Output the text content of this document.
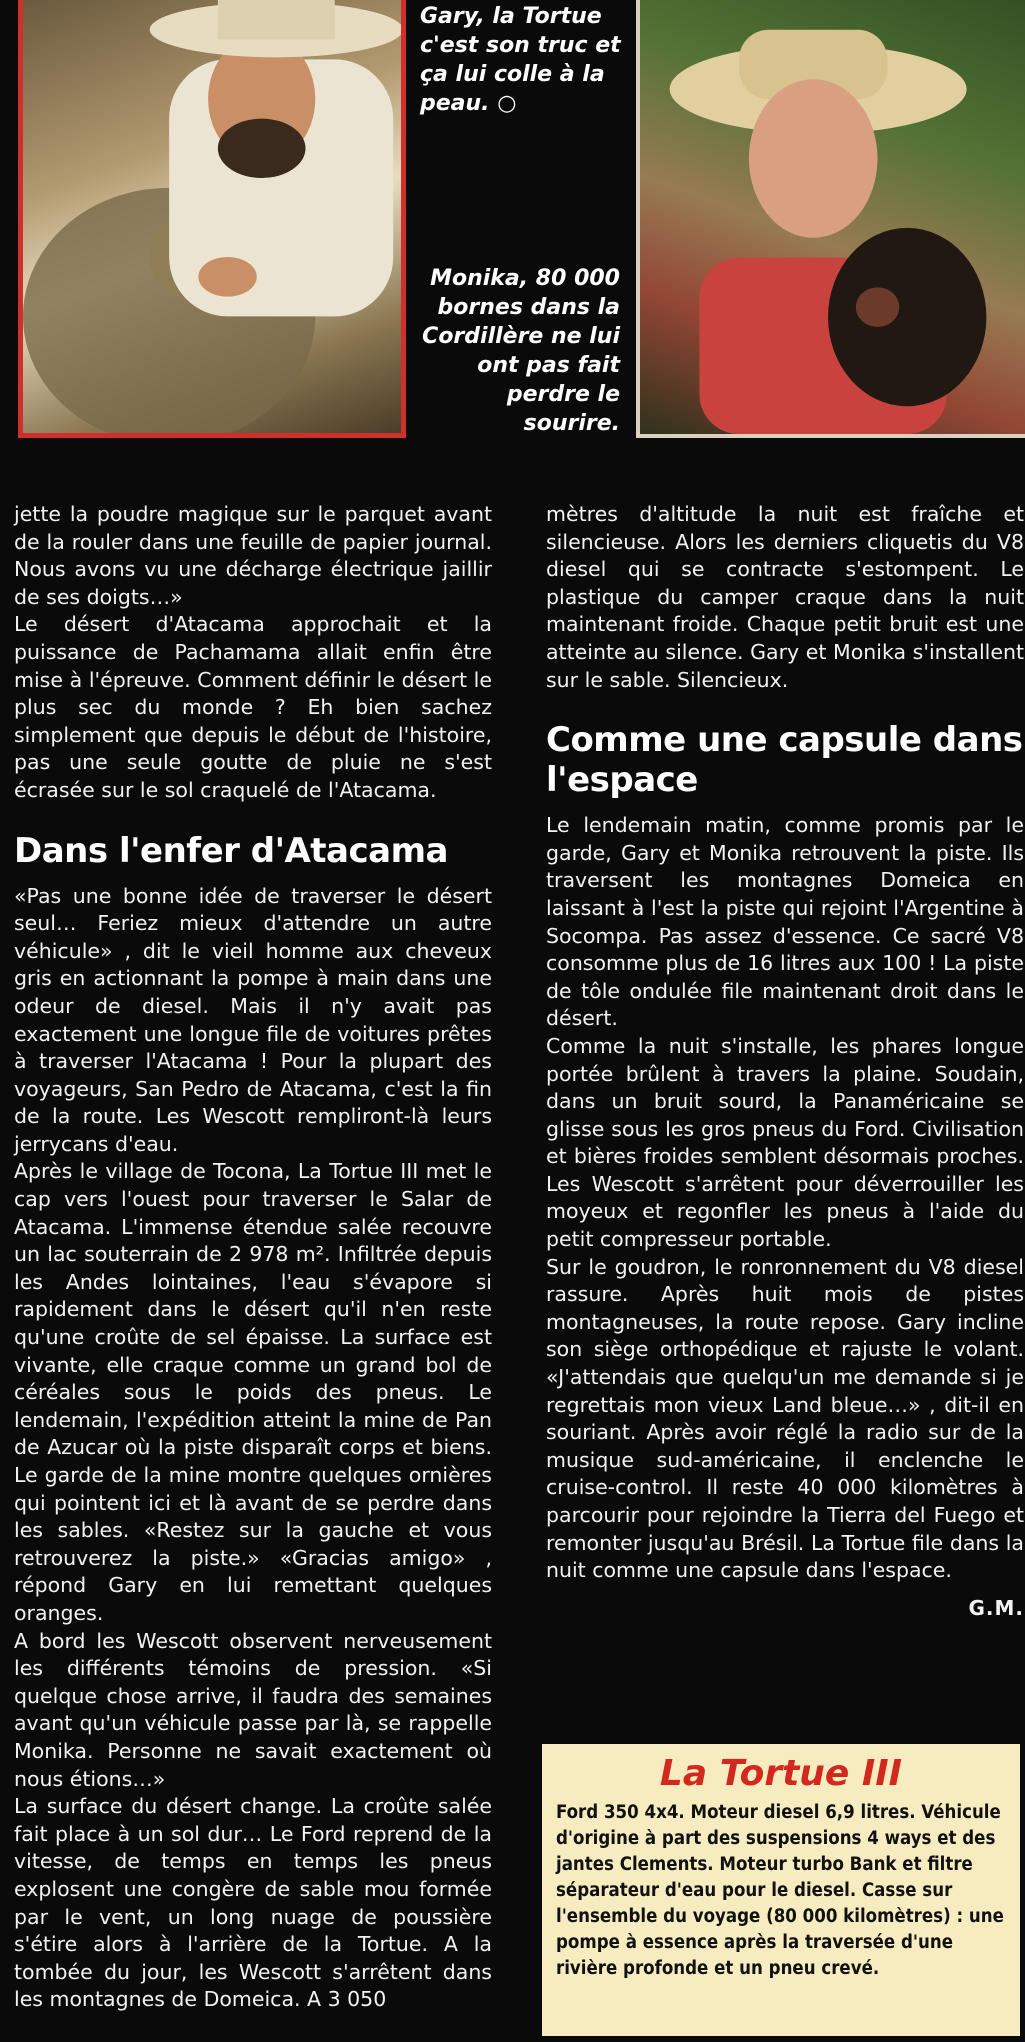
Gary, la Tortue c'est son truc et ça lui colle à la peau. ○
Monika, 80 000 bornes dans la Cordillère ne lui ont pas fait perdre le sourire.

jette la poudre magique sur le parquet avant de la rouler dans une feuille de papier journal. Nous avons vu une décharge électrique jaillir de ses doigts…»

Le désert d'Atacama approchait et la puissance de Pachamama allait enfin être mise à l'épreuve. Comment définir le désert le plus sec du monde ? Eh bien sachez simplement que depuis le début de l'histoire, pas une seule goutte de pluie ne s'est écrasée sur le sol craquelé de l'Atacama.

Dans l'enfer d'Atacama

«Pas une bonne idée de traverser le désert seul… Feriez mieux d'attendre un autre véhicule» , dit le vieil homme aux cheveux gris en actionnant la pompe à main dans une odeur de diesel. Mais il n'y avait pas exactement une longue file de voitures prêtes à traverser l'Atacama ! Pour la plupart des voyageurs, San Pedro de Atacama, c'est la fin de la route. Les Wescott rempliront-là leurs jerrycans d'eau.

Après le village de Tocona, La Tortue III met le cap vers l'ouest pour traverser le Salar de Atacama. L'immense étendue salée recouvre un lac souterrain de 2 978 m². Infiltrée depuis les Andes lointaines, l'eau s'évapore si rapidement dans le désert qu'il n'en reste qu'une croûte de sel épaisse. La surface est vivante, elle craque comme un grand bol de céréales sous le poids des pneus. Le lendemain, l'expédition atteint la mine de Pan de Azucar où la piste disparaît corps et biens. Le garde de la mine montre quelques ornières qui pointent ici et là avant de se perdre dans les sables. «Restez sur la gauche et vous retrouverez la piste.» «Gracias amigo» , répond Gary en lui remettant quelques oranges.

A bord les Wescott observent nerveusement les différents témoins de pression. «Si quelque chose arrive, il faudra des semaines avant qu'un véhicule passe par là, se rappelle Monika. Personne ne savait exactement où nous étions…»

La surface du désert change. La croûte salée fait place à un sol dur… Le Ford reprend de la vitesse, de temps en temps les pneus explosent une congère de sable mou formée par le vent, un long nuage de poussière s'étire alors à l'arrière de la Tortue. A la tombée du jour, les Wescott s'arrêtent dans les montagnes de Domeica. A 3 050

mètres d'altitude la nuit est fraîche et silencieuse. Alors les derniers cliquetis du V8 diesel qui se contracte s'estompent. Le plastique du camper craque dans la nuit maintenant froide. Chaque petit bruit est une atteinte au silence. Gary et Monika s'installent sur le sable. Silencieux.

Comme une capsule dans l'espace

Le lendemain matin, comme promis par le garde, Gary et Monika retrouvent la piste. Ils traversent les montagnes Domeica en laissant à l'est la piste qui rejoint l'Argentine à Socompa. Pas assez d'essence. Ce sacré V8 consomme plus de 16 litres aux 100 ! La piste de tôle ondulée file maintenant droit dans le désert.

Comme la nuit s'installe, les phares longue portée brûlent à travers la plaine. Soudain, dans un bruit sourd, la Panaméricaine se glisse sous les gros pneus du Ford. Civilisation et bières froides semblent désormais proches. Les Wescott s'arrêtent pour déverrouiller les moyeux et regonfler les pneus à l'aide du petit compresseur portable.

Sur le goudron, le ronronnement du V8 diesel rassure. Après huit mois de pistes montagneuses, la route repose. Gary incline son siège orthopédique et rajuste le volant. «J'attendais que quelqu'un me demande si je regrettais mon vieux Land bleue…» , dit-il en souriant. Après avoir réglé la radio sur de la musique sud-américaine, il enclenche le cruise-control. Il reste 40 000 kilomètres à parcourir pour rejoindre la Tierra del Fuego et remonter jusqu'au Brésil. La Tortue file dans la nuit comme une capsule dans l'espace.

G.M.
La Tortue III
Ford 350 4x4. Moteur diesel 6,9 litres. Véhicule d'origine à part des suspensions 4 ways et des jantes Clements. Moteur turbo Bank et filtre séparateur d'eau pour le diesel. Casse sur l'ensemble du voyage (80 000 kilomètres) : une pompe à essence après la traversée d'une rivière profonde et un pneu crevé.
